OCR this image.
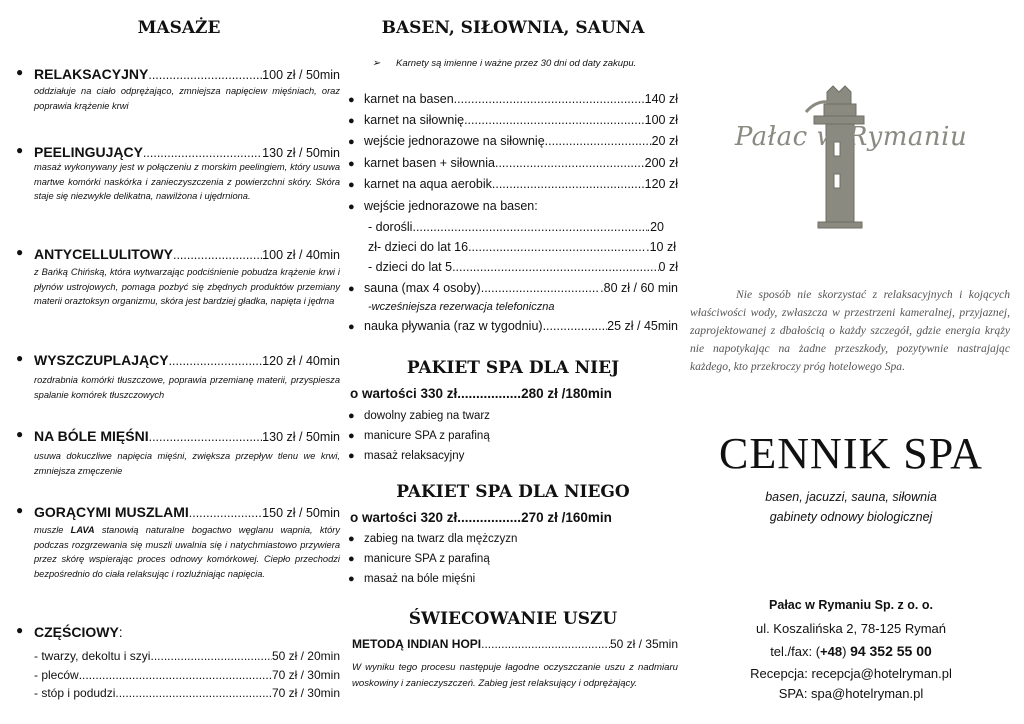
MASAŻE
● RELAKSACYJNY .....	100 zł / 50min

oddziałuje na ciało odprężająco, zmniejsza napięciew mięśniach, oraz poprawia krążenie krwi

● PEELINGUJĄCY .....	130 zł / 50min

masaż wykonywany jest w połączeniu z morskim peelingiem, który usuwa martwe komórki naskórka i zanieczyszczenia z powierzchni skóry. Skóra staje się niezwykle delikatna, nawilżona i ujędrniona.

● ANTYCELLULITOWY .....	100 zł / 40min

z Bańką Chińską, która wytwarzając podciśnienie pobudza krążenie krwi i płynów ustrojowych, pomaga pozbyć się zbędnych produktów przemiany materii oraztoksyn organizmu, skóra jest bardziej gładka, napięta i jędrna

● WYSZCZUPLAJĄCY .....	120 zł / 40min

rozdrabnia komórki tłuszczowe, poprawia przemianę materii, przyspiesza spalanie komórek tłuszczowych

● NA BÓLE MIĘŚNI .....	130 zł / 50min

usuwa dokuczliwe napięcia mięśni, zwiększa przepływ tlenu we krwi, zmniejsza zmęczenie

● GORĄCYMI MUSZLAMI .....	150 zł / 50min

muszle LAVA stanowią naturalne bogactwo węglanu wapnia, który podczas rozgrzewania się muszli uwalnia się i natychmiastowo przywiera przez skórę wspierając proces odnowy komórkowej. Ciepło przechodzi bezpośrednio do ciała relaksując i rozluźniając napięcia.

● CZĘŚCIOWY :
- twarzy, dekoltu i szyi .....	50 zł / 20min
- pleców .....	70 zł / 30min
- stóp i podudzi .....	70 zł / 30min
BASEN, SIŁOWNIA, SAUNA
➢	Karnety są imienne i ważne przez 30 dni od daty zakupu.
● karnet na basen .....	140 zł
● karnet na siłownię .....	100 zł
● wejście jednorazowe na siłownię .....	20 zł
● karnet basen + siłownia .....	200 zł
● karnet na aqua aerobik .....	120 zł
● wejście jednorazowe na basen:
- dorośli .....	.20
zł- dzieci do lat 16 .....	.10 zł
- dzieci do lat 5 .....	0 zł
● sauna (max 4 osoby) .....	.80 zł / 60 min
-wcześniejsza rezerwacja telefoniczna
● nauka pływania (raz w tygodniu) .....	25 zł / 45min
PAKIET SPA DLA NIEJ
o wartości 330 zł ................. 280 zł /180min
● dowolny zabieg na twarz
● manicure SPA z parafiną
● masaż relaksacyjny
PAKIET SPA DLA NIEGO
o wartości 320 zł ................. 270 zł /160min
● zabieg na twarz dla mężczyzn
● manicure SPA z parafiną
● masaż na bóle mięśni
ŚWIECOWANIE USZU
METODĄ INDIAN HOPI .....	50 zł / 35min

W wyniku tego procesu następuje łagodne oczyszczanie uszu z nadmiaru woskowiny i zanieczyszczeń. Zabieg jest relaksujący i odprężający.

Pałac w Rymaniu

Nie sposób nie skorzystać z relaksacyjnych i kojących właściwości wody, zwłaszcza w przestrzeni kameralnej, przyjaznej, zaprojektowanej z dbałością o każdy szczegół, gdzie energia krąży nie napotykając na żadne przeszkody, pozytywnie nastrajając każdego, kto przekroczy próg hotelowego Spa.

CENNIK SPA
basen, jacuzzi, sauna, siłownia
gabinety odnowy biologicznej
Pałac w Rymaniu Sp. z o. o.
ul. Koszalińska 2, 78-125 Rymań
tel./fax: (+48) 94 352 55 00
Recepcja: recepcja@hotelryman.pl
SPA: spa@hotelryman.pl
